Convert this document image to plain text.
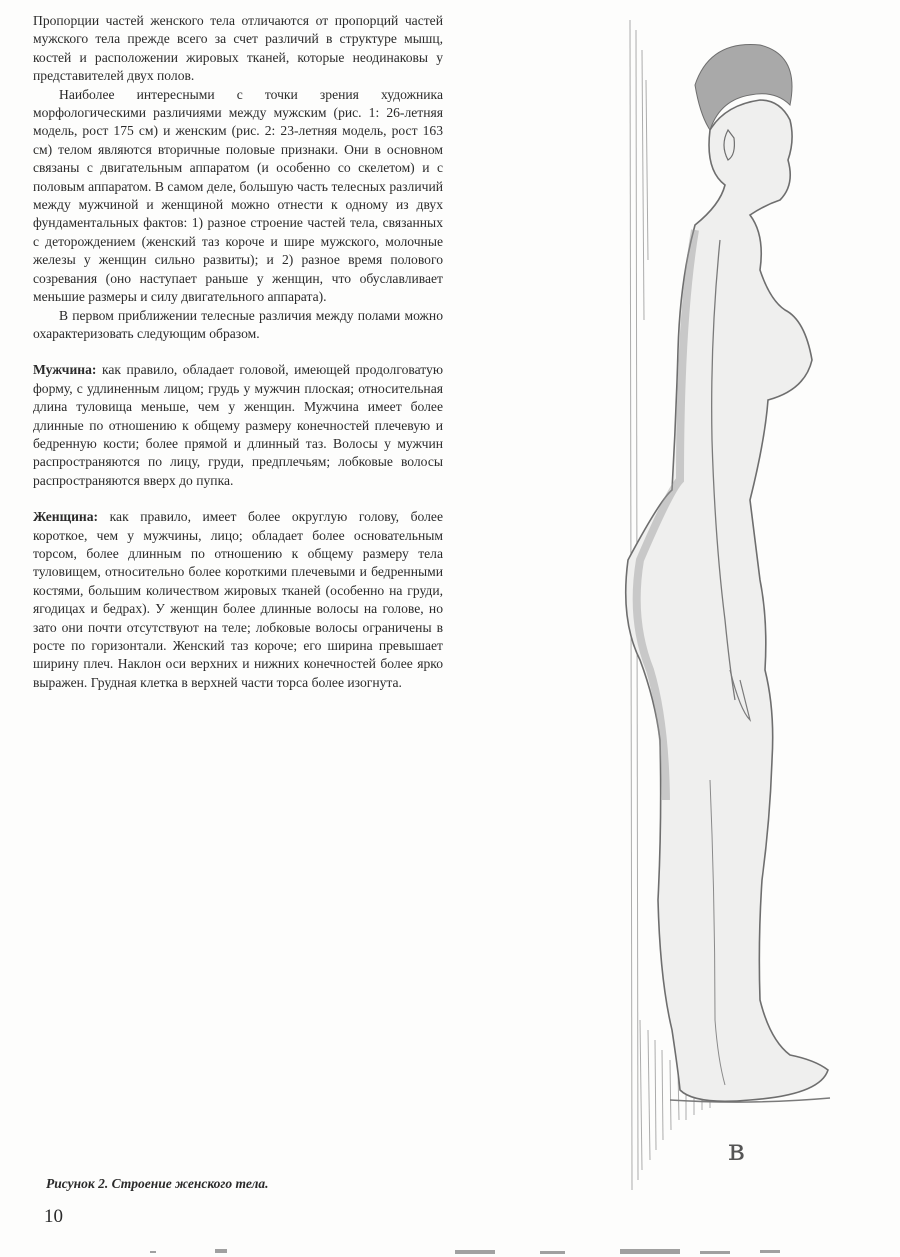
Пропорции частей женского тела отличаются от пропорций частей мужского тела прежде всего за счет различий в структуре мышц, костей и расположении жировых тканей, которые неодинаковы у представителей двух полов.

Наиболее интересными с точки зрения художника морфологическими различиями между мужским (рис. 1: 26-летняя модель, рост 175 см) и женским (рис. 2: 23-летняя модель, рост 163 см) телом являются вторичные половые признаки. Они в основном связаны с двигательным аппаратом (и особенно со скелетом) и с половым аппаратом. В самом деле, большую часть телесных различий между мужчиной и женщиной можно отнести к одному из двух фундаментальных фактов: 1) разное строение частей тела, связанных с деторождением (женский таз короче и шире мужского, молочные железы у женщин сильно развиты); и 2) разное время полового созревания (оно наступает раньше у женщин, что обуславливает меньшие размеры и силу двигательного аппарата).

В первом приближении телесные различия между полами можно охарактеризовать следующим образом.

Мужчина: как правило, обладает головой, имеющей продолговатую форму, с удлиненным лицом; грудь у мужчин плоская; относительная длина туловища меньше, чем у женщин. Мужчина имеет более длинные по отношению к общему размеру конечностей плечевую и бедренную кости; более прямой и длинный таз. Волосы у мужчин распространяются по лицу, груди, предплечьям; лобковые волосы распространяются вверх до пупка.

Женщина: как правило, имеет более округлую голову, более короткое, чем у мужчины, лицо; обладает более основательным торсом, более длинным по отношению к общему размеру тела туловищем, относительно более короткими плечевыми и бедренными костями, большим количеством жировых тканей (особенно на груди, ягодицах и бедрах). У женщин более длинные волосы на голове, но зато они почти отсутствуют на теле; лобковые волосы ограничены в росте по горизонтали. Женский таз короче; его ширина превышает ширину плеч. Наклон оси верхних и нижних конечностей более ярко выражен. Грудная клетка в верхней части торса более изогнута.

в
Рисунок 2. Строение женского тела.
10
